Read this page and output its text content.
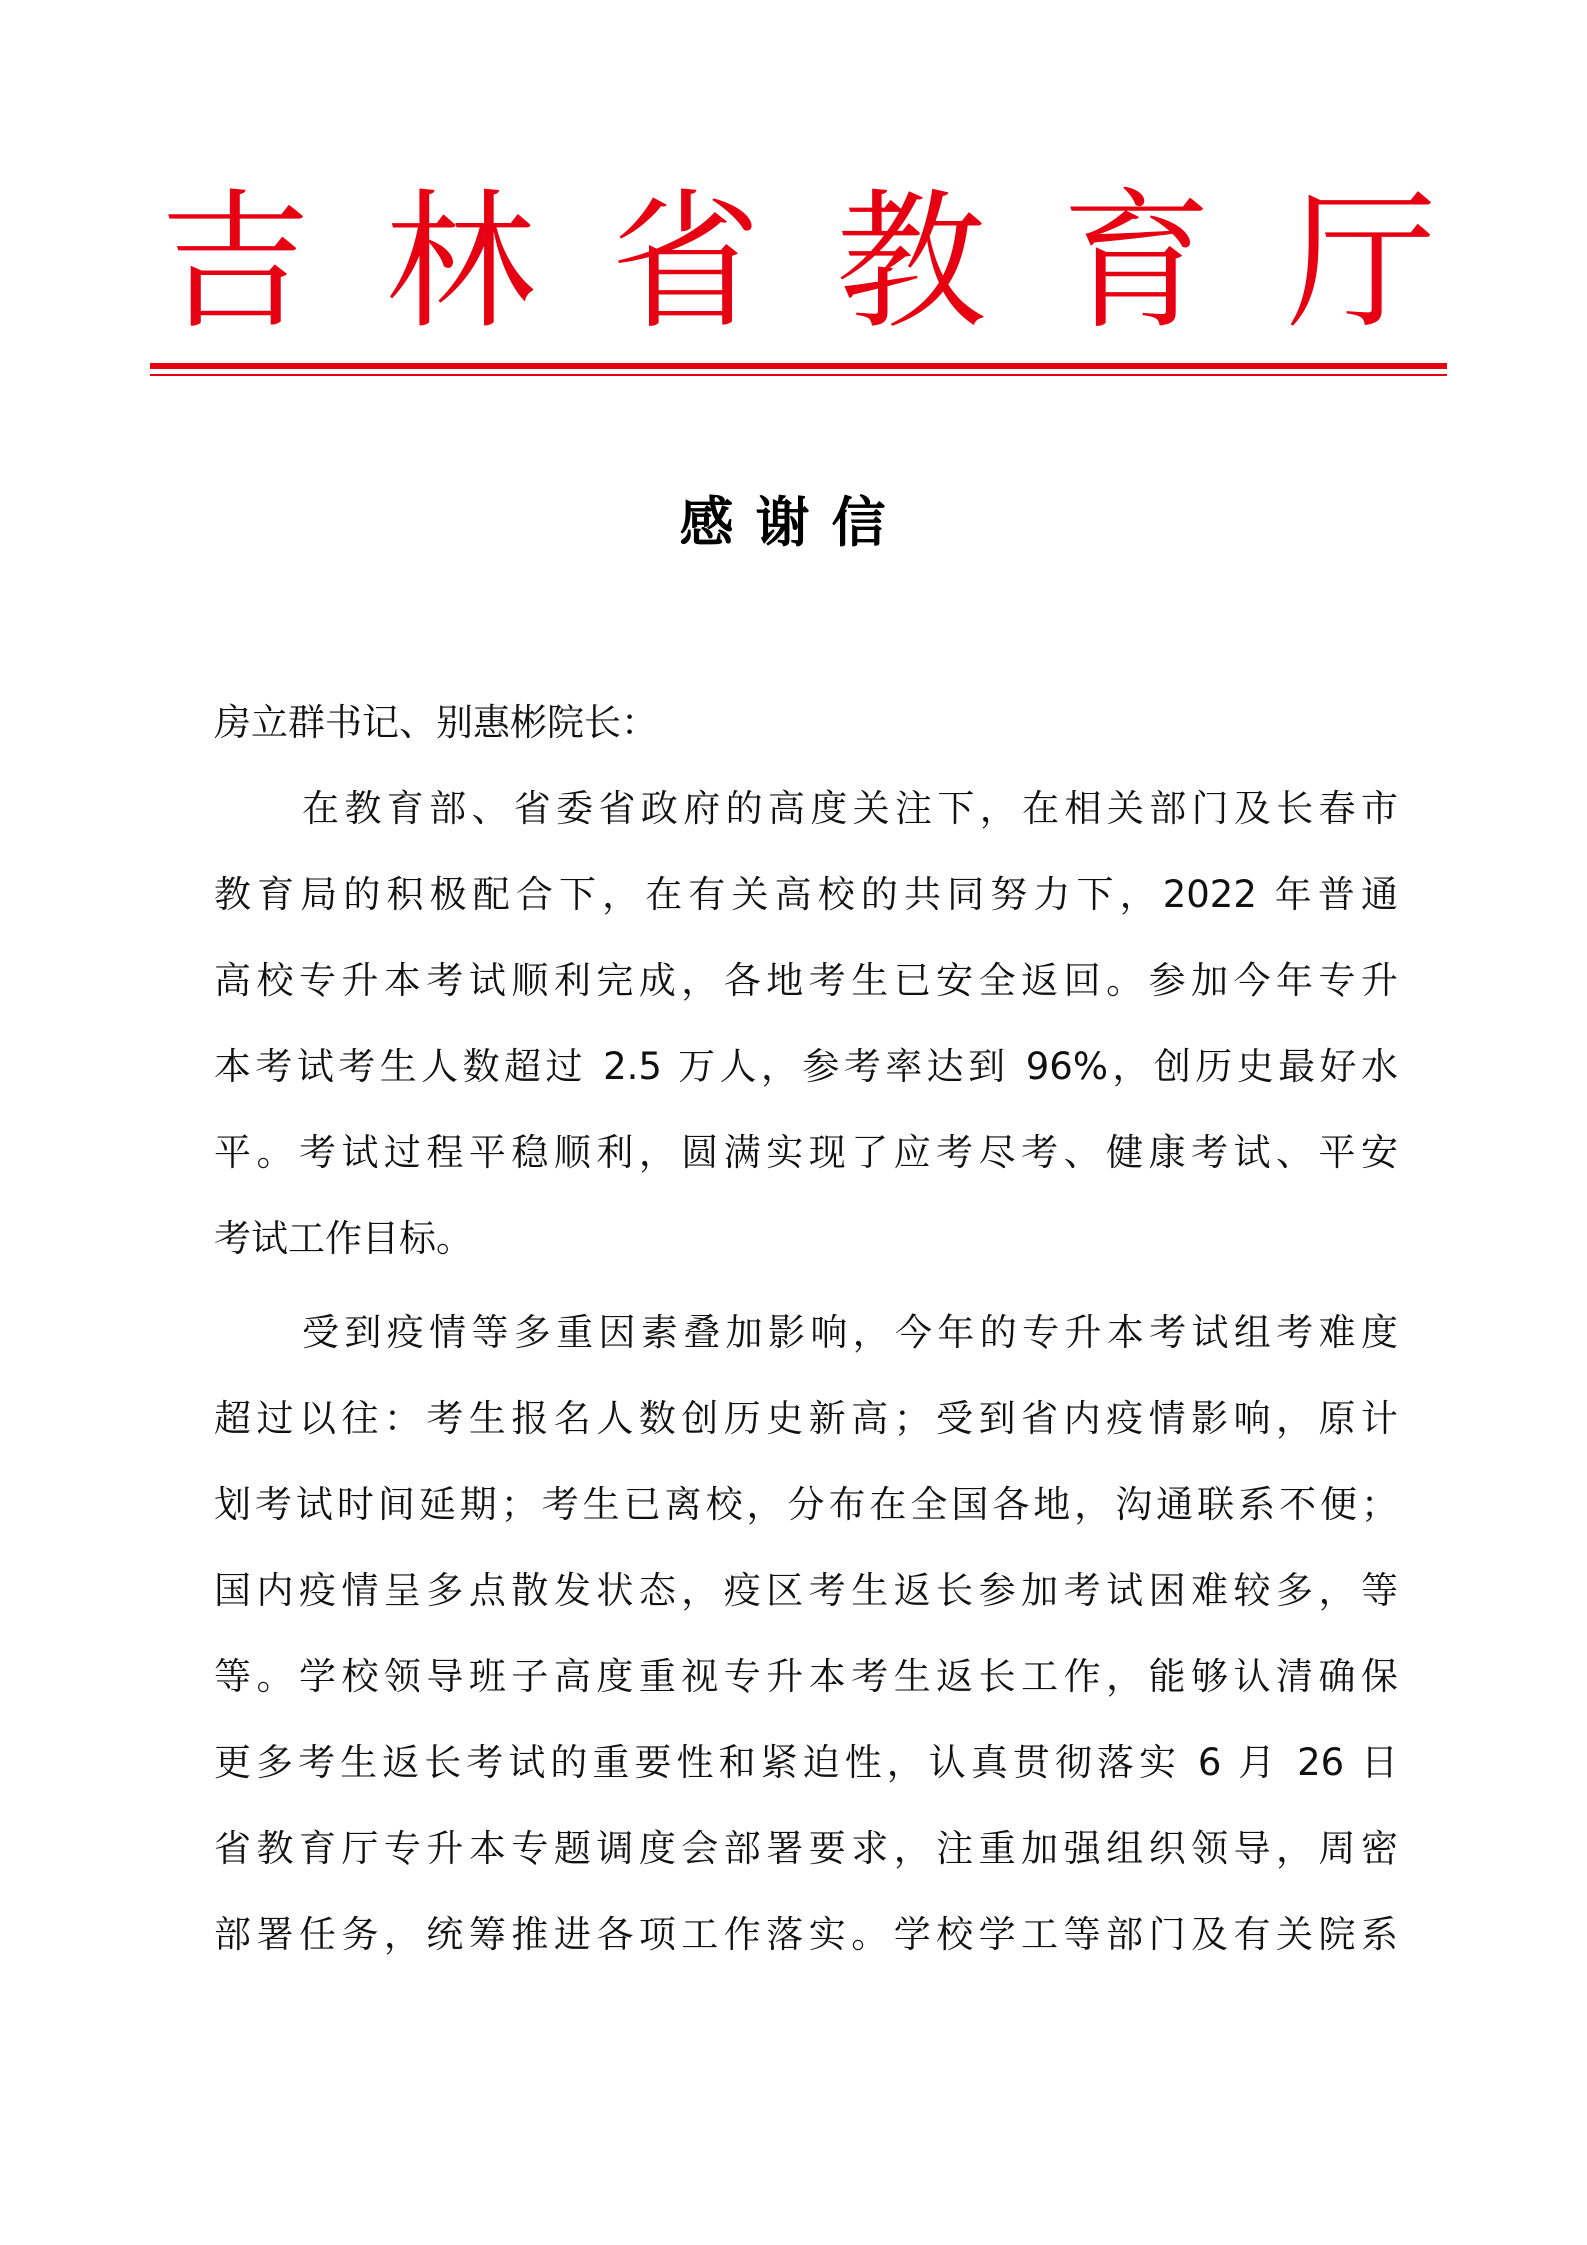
吉 林 省 教 育 厅
感谢信
房立群书记、别惠彬院长：
在教育部、省委省政府的高度关注下，在相关部门及长春市
教育局的积极配合下，在有关高校的共同努力下，2022 年普通
高校专升本考试顺利完成，各地考生已安全返回。参加今年专升
本考试考生人数超过 2.5 万人，参考率达到 96%，创历史最好水
平。考试过程平稳顺利，圆满实现了应考尽考、健康考试、平安
考试工作目标。
受到疫情等多重因素叠加影响，今年的专升本考试组考难度
超过以往：考生报名人数创历史新高；受到省内疫情影响，原计
划考试时间延期；考生已离校，分布在全国各地，沟通联系不便；
国内疫情呈多点散发状态，疫区考生返长参加考试困难较多，等
等。学校领导班子高度重视专升本考生返长工作，能够认清确保
更多考生返长考试的重要性和紧迫性，认真贯彻落实 6 月 26 日
省教育厅专升本专题调度会部署要求，注重加强组织领导，周密
部署任务，统筹推进各项工作落实。学校学工等部门及有关院系
